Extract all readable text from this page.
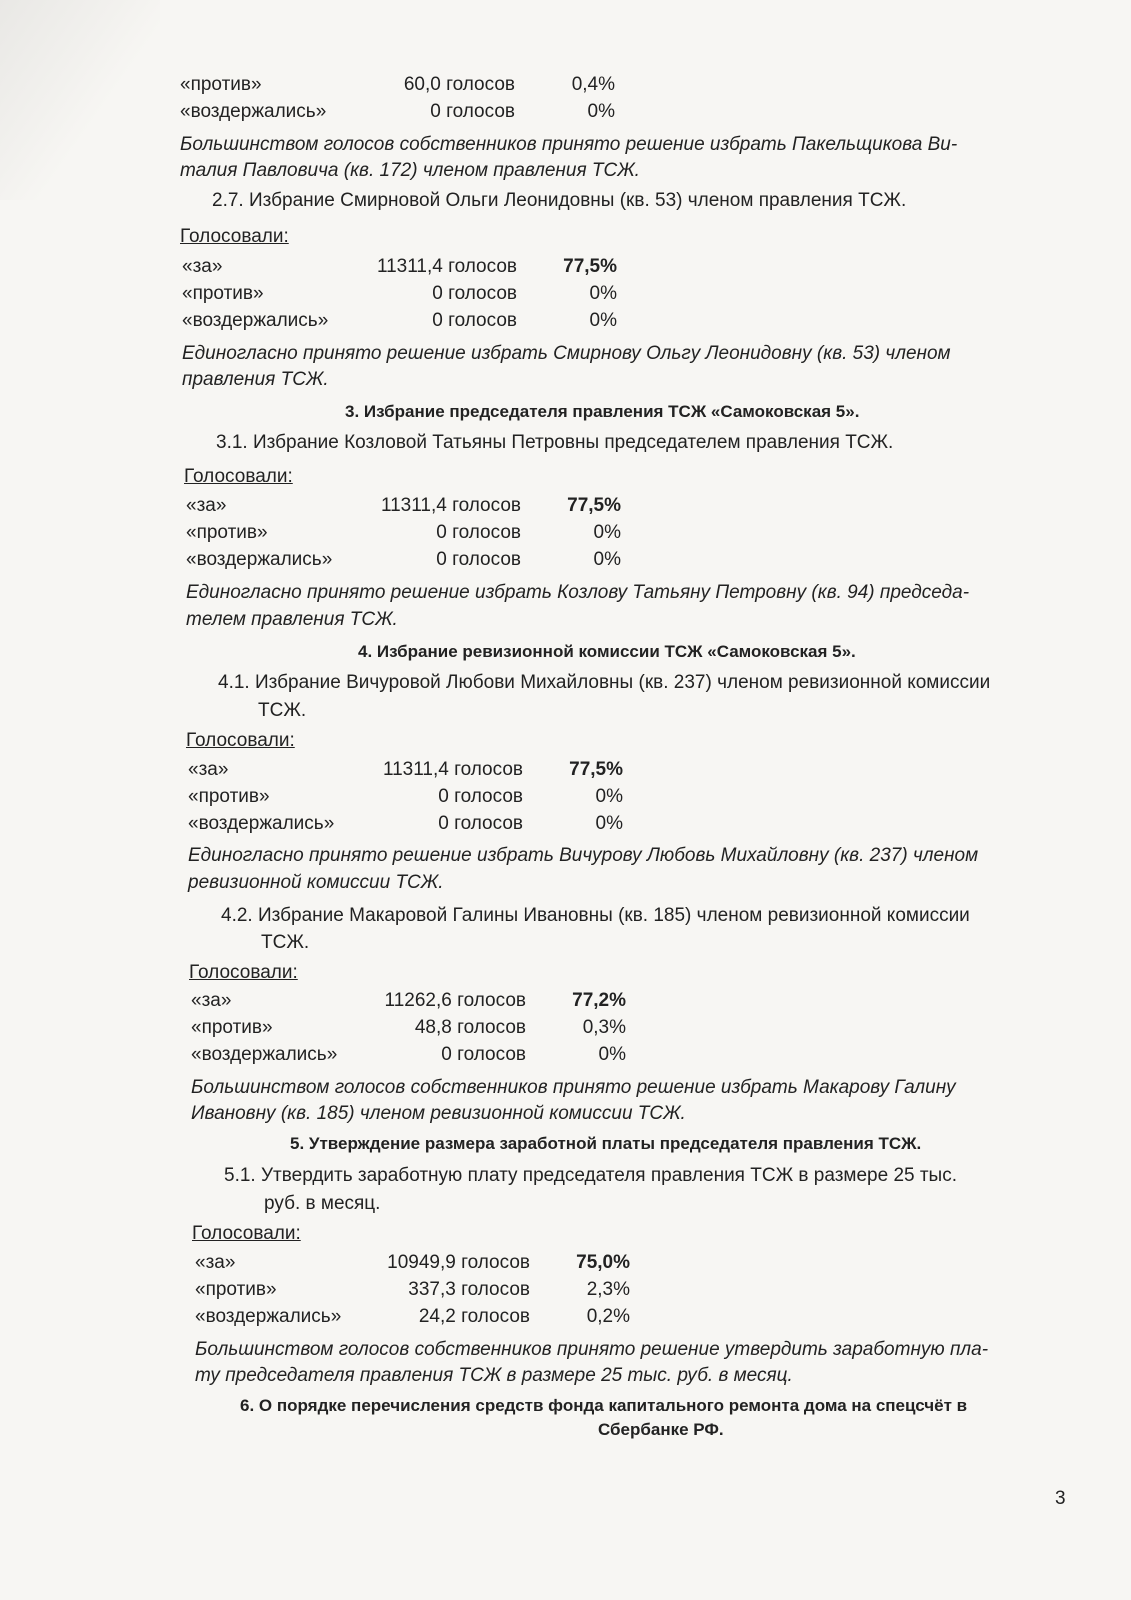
«против»	60,0 голосов	0,4%
«воздержались»	0 голосов	0%
Большинством голосов собственников принято решение избрать Пакельщикова Ви-
талия Павловича (кв. 172) членом правления ТСЖ.
2.7. Избрание Смирновой Ольги Леонидовны (кв. 53) членом правления ТСЖ.
Голосовали:
«за»	11311,4 голосов	77,5%
«против»	0 голосов	0%
«воздержались»	0 голосов	0%
Единогласно принято решение избрать Смирнову Ольгу Леонидовну (кв. 53) членом
правления ТСЖ.
3. Избрание председателя правления ТСЖ «Самоковская 5».
3.1. Избрание Козловой Татьяны Петровны председателем правления ТСЖ.
Голосовали:
«за»	11311,4 голосов	77,5%
«против»	0 голосов	0%
«воздержались»	0 голосов	0%
Единогласно принято решение избрать Козлову Татьяну Петровну (кв. 94) председа-
телем правления ТСЖ.
4. Избрание ревизионной комиссии ТСЖ «Самоковская 5».
4.1. Избрание Вичуровой Любови Михайловны (кв. 237) членом ревизионной комиссии
ТСЖ.
Голосовали:
«за»	11311,4 голосов	77,5%
«против»	0 голосов	0%
«воздержались»	0 голосов	0%
Единогласно принято решение избрать Вичурову Любовь Михайловну (кв. 237) членом
ревизионной комиссии ТСЖ.
4.2. Избрание Макаровой Галины Ивановны (кв. 185) членом ревизионной комиссии
ТСЖ.
Голосовали:
«за»	11262,6 голосов	77,2%
«против»	48,8 голосов	0,3%
«воздержались»	0 голосов	0%
Большинством голосов собственников принято решение избрать Макарову Галину
Ивановну (кв. 185) членом ревизионной комиссии ТСЖ.
5. Утверждение размера заработной платы председателя правления ТСЖ.
5.1. Утвердить заработную плату председателя правления ТСЖ в размере 25 тыс.
руб. в месяц.
Голосовали:
«за»	10949,9 голосов	75,0%
«против»	337,3 голосов	2,3%
«воздержались»	24,2 голосов	0,2%
Большинством голосов собственников принято решение утвердить заработную пла-
ту председателя правления ТСЖ в размере 25 тыс. руб. в месяц.
6. О порядке перечисления средств фонда капитального ремонта дома на спецсчёт в
Сбербанке РФ.
3
